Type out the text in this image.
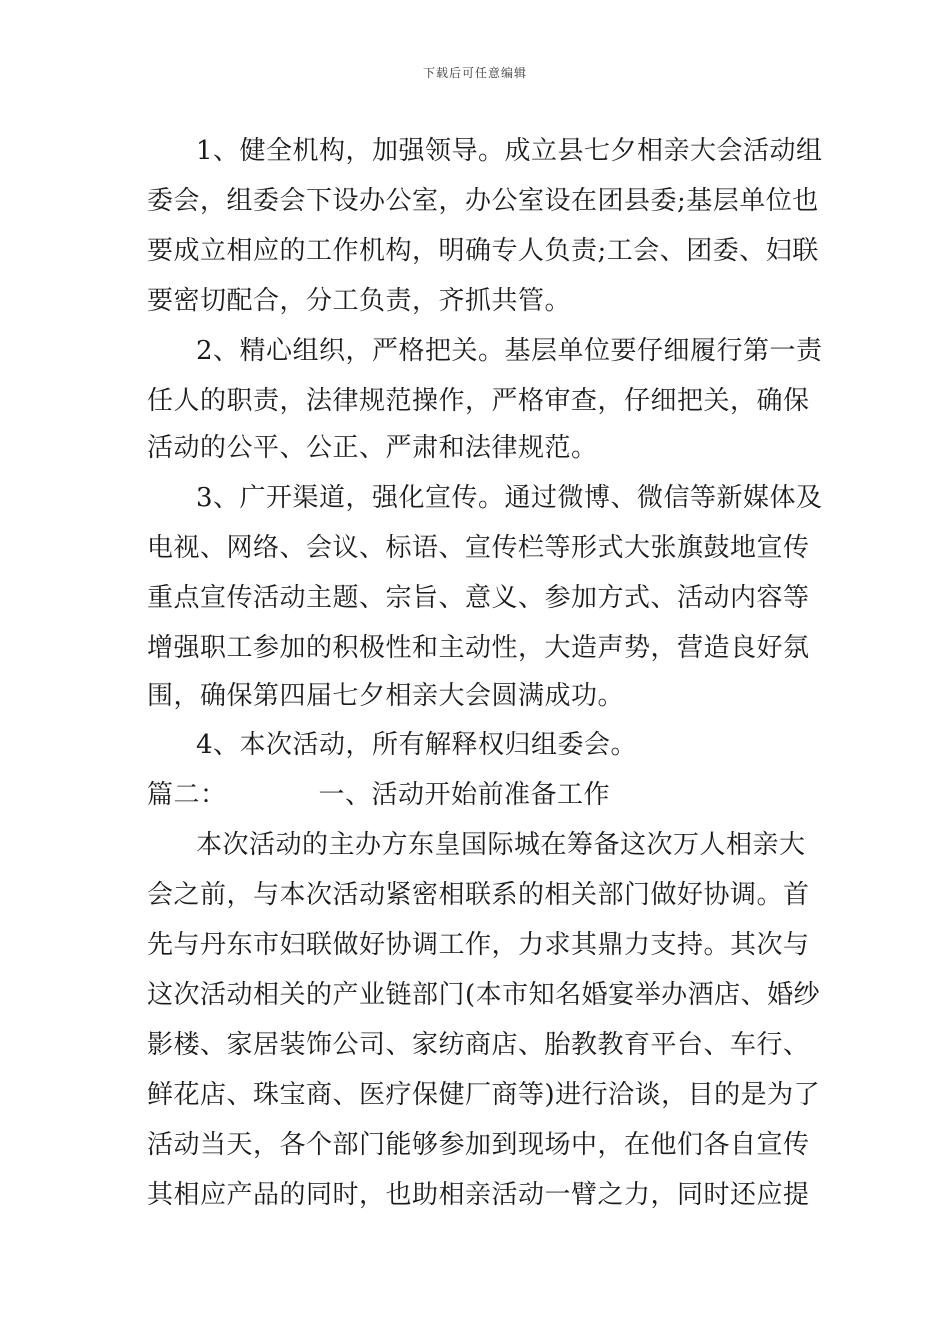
下载后可任意编辑
1、健全机构，加强领导。成立县七夕相亲大会活动组
委会，组委会下设办公室，办公室设在团县委;基层单位也
要成立相应的工作机构，明确专人负责;工会、团委、妇联
要密切配合，分工负责，齐抓共管。
2、精心组织，严格把关。基层单位要仔细履行第一责
任人的职责，法律规范操作，严格审查，仔细把关，确保
活动的公平、公正、严肃和法律规范。
3、广开渠道，强化宣传。通过微博、微信等新媒体及
电视、网络、会议、标语、宣传栏等形式大张旗鼓地宣传
重点宣传活动主题、宗旨、意义、参加方式、活动内容等
增强职工参加的积极性和主动性，大造声势，营造良好氛
围，确保第四届七夕相亲大会圆满成功。
4、本次活动，所有解释权归组委会。
篇二：	一、活动开始前准备工作
本次活动的主办方东皇国际城在筹备这次万人相亲大
会之前，与本次活动紧密相联系的相关部门做好协调。首
先与丹东市妇联做好协调工作，力求其鼎力支持。其次与
这次活动相关的产业链部门(本市知名婚宴举办酒店、婚纱
影楼、家居装饰公司、家纺商店、胎教教育平台、车行、
鲜花店、珠宝商、医疗保健厂商等)进行洽谈，目的是为了
活动当天，各个部门能够参加到现场中，在他们各自宣传
其相应产品的同时，也助相亲活动一臂之力，同时还应提
